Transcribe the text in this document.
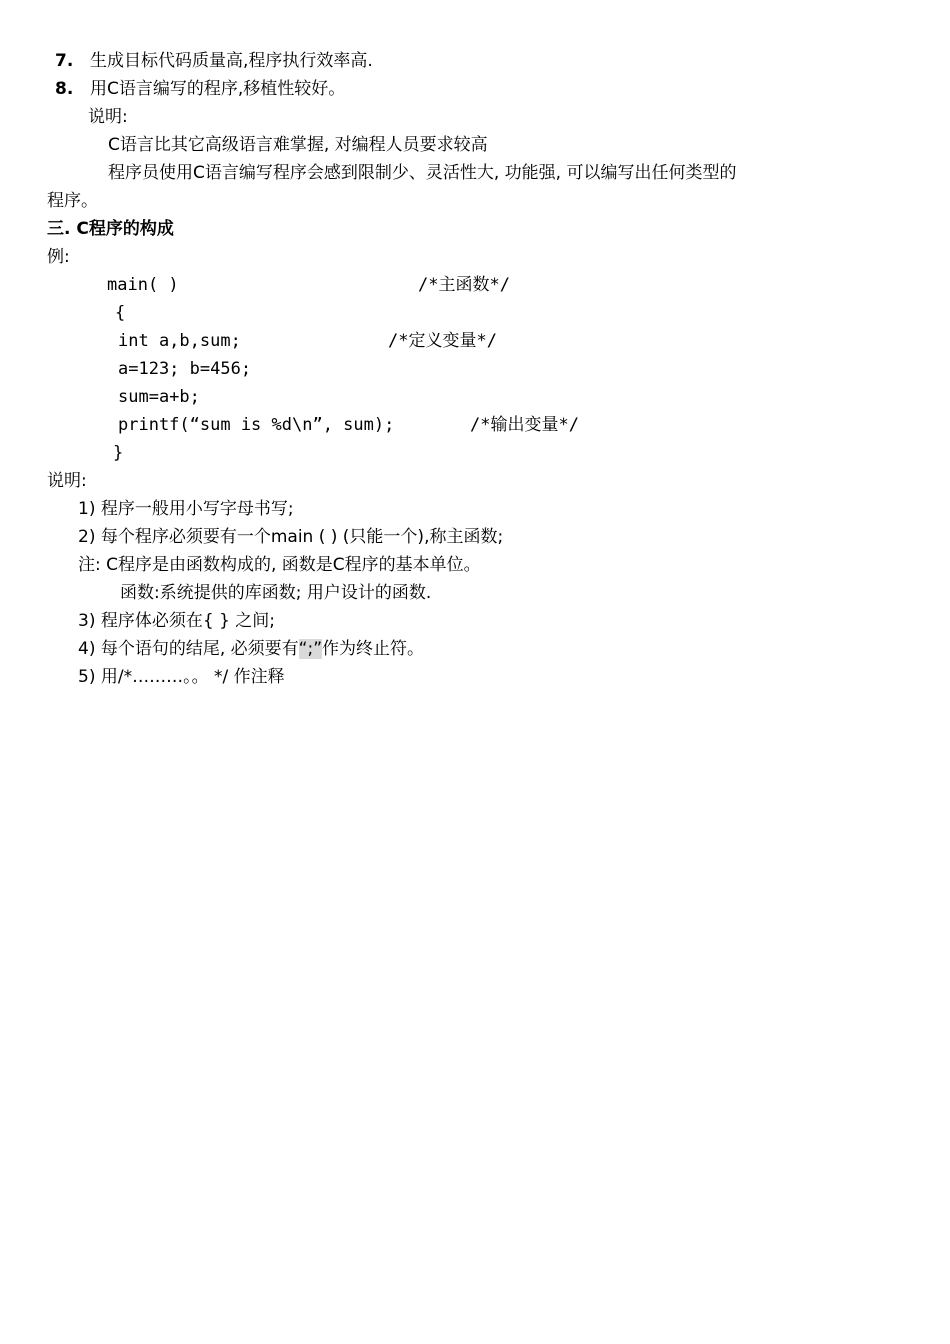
7. 生成目标代码质量高,程序执行效率高.
8. 用C语言编写的程序,移植性较好。
说明:
C语言比其它高级语言难掌握, 对编程人员要求较高
程序员使用C语言编写程序会感到限制少、灵活性大, 功能强, 可以编写出任何类型的
程序。
三. C程序的构成
例:
main( )	/*主函数*/
{
int a,b,sum;	/*定义变量*/
a=123; b=456;
sum=a+b;
printf(“sum is %d\n”, sum);	/*输出变量*/
}
说明:
1) 程序一般用小写字母书写;
2) 每个程序必须要有一个main ( ) (只能一个),称主函数;
注: C程序是由函数构成的, 函数是C程序的基本单位。
函数:系统提供的库函数; 用户设计的函数.
3) 程序体必须在{ } 之间;
4) 每个语句的结尾, 必须要有“;”作为终止符。
5) 用/*………。。 */ 作注释
